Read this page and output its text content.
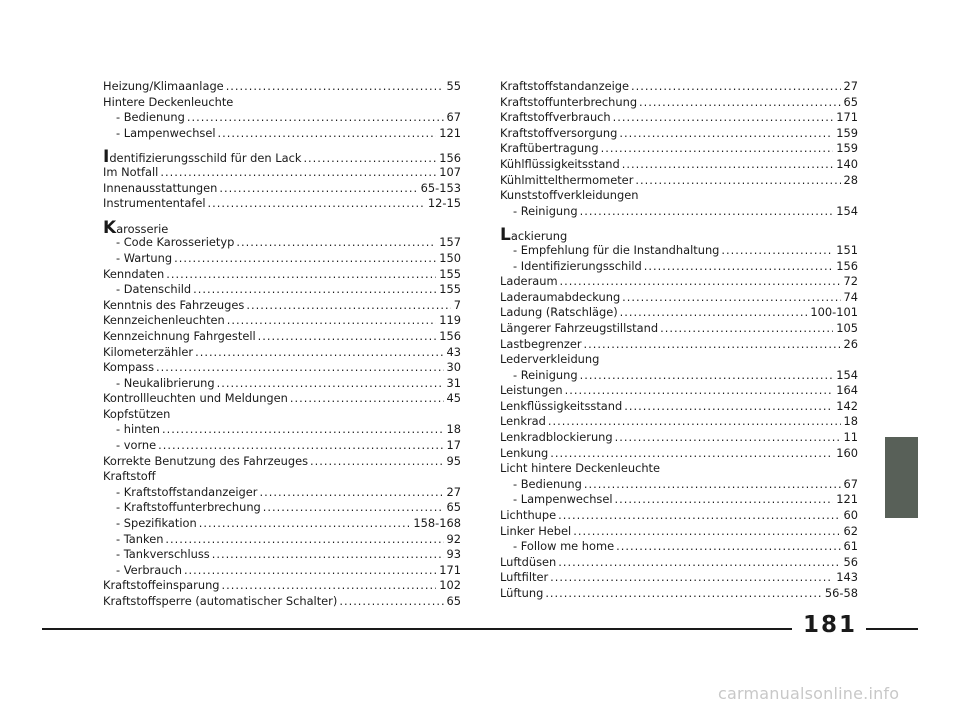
Heizung/Klimaanlage .....	55
Hintere Deckenleuchte
- Bedienung .....	67
- Lampenwechsel .....	121
Identifizierungsschild für den Lack .....	156
Im Notfall .....	107
Innenausstattungen .....	65-153
Instrumententafel .....	12-15
Karosserie
- Code Karosserietyp .....	157
- Wartung .....	150
Kenndaten .....	155
- Datenschild .....	155
Kenntnis des Fahrzeuges .....	7
Kennzeichenleuchten .....	119
Kennzeichnung Fahrgestell .....	156
Kilometerzähler .....	43
Kompass .....	30
- Neukalibrierung .....	31
Kontrollleuchten und Meldungen .....	45
Kopfstützen
- hinten .....	18
- vorne .....	17
Korrekte Benutzung des Fahrzeuges .....	95
Kraftstoff
- Kraftstoffstandanzeiger .....	27
- Kraftstoffunterbrechung .....	65
- Spezifikation .....	158-168
- Tanken .....	92
- Tankverschluss .....	93
- Verbrauch .....	171
Kraftstoffeinsparung .....	102
Kraftstoffsperre (automatischer Schalter) .....	65
Kraftstoffstandanzeige .....	27
Kraftstoffunterbrechung .....	65
Kraftstoffverbrauch .....	171
Kraftstoffversorgung .....	159
Kraftübertragung .....	159
Kühlflüssigkeitsstand .....	140
Kühlmittelthermometer .....	28
Kunststoffverkleidungen
- Reinigung .....	154
Lackierung
- Empfehlung für die Instandhaltung .....	151
- Identifizierungsschild .....	156
Laderaum .....	72
Laderaumabdeckung .....	74
Ladung (Ratschläge) .....	100-101
Längerer Fahrzeugstillstand .....	105
Lastbegrenzer .....	26
Lederverkleidung
- Reinigung .....	154
Leistungen .....	164
Lenkflüssigkeitsstand .....	142
Lenkrad .....	18
Lenkradblockierung .....	11
Lenkung .....	160
Licht hintere Deckenleuchte
- Bedienung .....	67
- Lampenwechsel .....	121
Lichthupe .....	60
Linker Hebel .....	62
- Follow me home .....	61
Luftdüsen .....	56
Luftfilter .....	143
Lüftung .....	56-58
181
carmanualsonline.info
